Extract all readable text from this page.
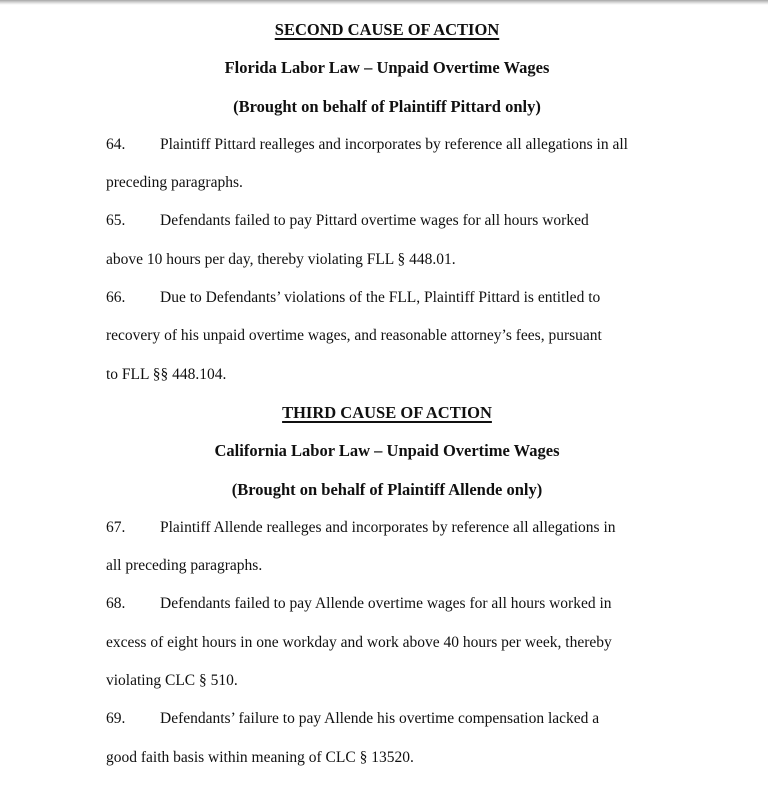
SECOND CAUSE OF ACTION
Florida Labor Law – Unpaid Overtime Wages
(Brought on behalf of Plaintiff Pittard only)
64. Plaintiff Pittard realleges and incorporates by reference all allegations in all
preceding paragraphs.
65. Defendants failed to pay Pittard overtime wages for all hours worked
above 10 hours per day, thereby violating FLL § 448.01.
66. Due to Defendants’ violations of the FLL, Plaintiff Pittard is entitled to
recovery of his unpaid overtime wages, and reasonable attorney’s fees, pursuant
to FLL §§ 448.104.
THIRD CAUSE OF ACTION
California Labor Law – Unpaid Overtime Wages
(Brought on behalf of Plaintiff Allende only)
67. Plaintiff Allende realleges and incorporates by reference all allegations in
all preceding paragraphs.
68. Defendants failed to pay Allende overtime wages for all hours worked in
excess of eight hours in one workday and work above 40 hours per week, thereby
violating CLC § 510.
69. Defendants’ failure to pay Allende his overtime compensation lacked a
good faith basis within meaning of CLC § 13520.
